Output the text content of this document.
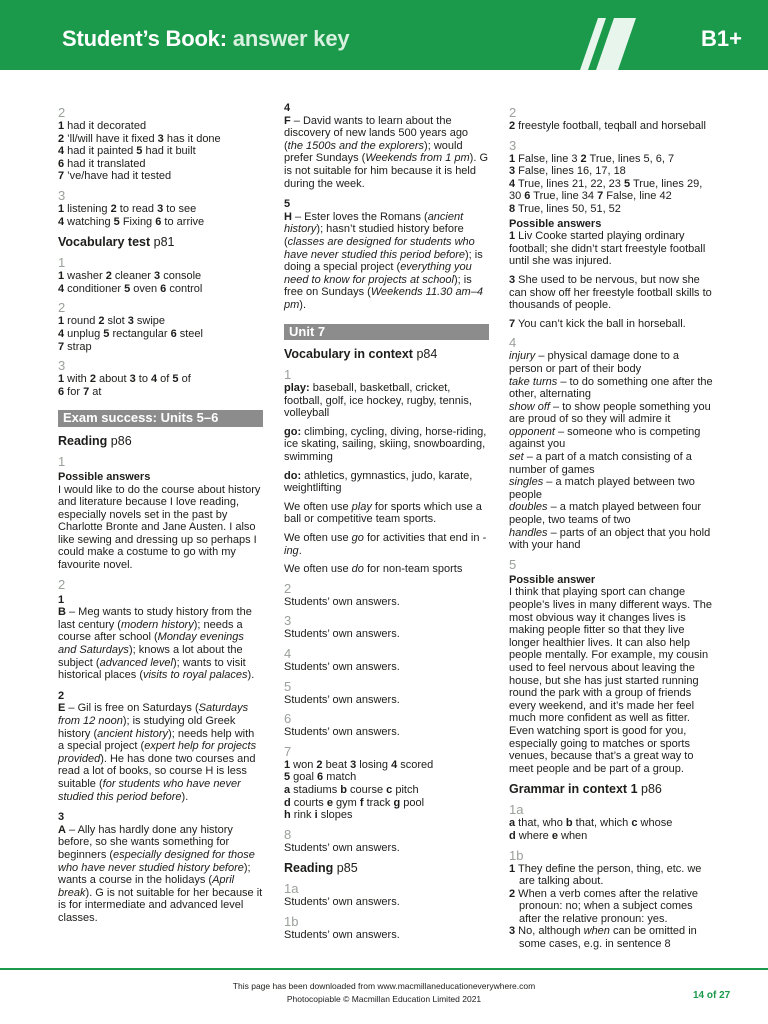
Student’s Book: answer key	B1+
2

1 had it decorated

2 ’ll/will have it fixed 3 has it done

4 had it painted 5 had it built

6 had it translated

7 ’ve/have had it tested

3

1 listening 2 to read 3 to see

4 watching 5 Fixing 6 to arrive

Vocabulary test p81
1

1 washer 2 cleaner 3 console

4 conditioner 5 oven 6 control

2

1 round 2 slot 3 swipe

4 unplug 5 rectangular 6 steel

7 strap

3

1 with 2 about 3 to 4 of 5 of

6 for 7 at

Exam success: Units 5–6
Reading p86
1
Possible answers

I would like to do the course about history and literature because I love reading, especially novels set in the past by Charlotte Bronte and Jane Austen. I also like sewing and dressing up so perhaps I could make a costume to go with my favourite novel.

2
1

B – Meg wants to study history from the last century (modern history); needs a course after school (Monday evenings and Saturdays); knows a lot about the subject (advanced level); wants to visit historical places (visits to royal palaces).

2

E – Gil is free on Saturdays (Saturdays from 12 noon); is studying old Greek history (ancient history); needs help with a special project (expert help for projects provided). He has done two courses and read a lot of books, so course H is less suitable (for students who have never studied this period before).

3

A – Ally has hardly done any history before, so she wants something for beginners (especially designed for those who have never studied history before); wants a course in the holidays (April break). G is not suitable for her because it is for intermediate and advanced level classes.

4

F – David wants to learn about the discovery of new lands 500 years ago (the 1500s and the explorers); would prefer Sundays (Weekends from 1 pm). G is not suitable for him because it is held during the week.

5

H – Ester loves the Romans (ancient history); hasn’t studied history before (classes are designed for students who have never studied this period before); is doing a special project (everything you need to know for projects at school); is free on Sundays (Weekends 11.30 am–4 pm).

Unit 7
Vocabulary in context p84
1

play: baseball, basketball, cricket, football, golf, ice hockey, rugby, tennis, volleyball

go: climbing, cycling, diving, horse-riding, ice skating, sailing, skiing, snowboarding, swimming

do: athletics, gymnastics, judo, karate, weightlifting

We often use play for sports which use a ball or competitive team sports.

We often use go for activities that end in -ing.

We often use do for non-team sports

2

Students’ own answers.

3

Students’ own answers.

4

Students’ own answers.

5

Students’ own answers.

6

Students’ own answers.

7

1 won 2 beat 3 losing 4 scored

5 goal 6 match

a stadiums b course c pitch

d courts e gym f track g pool

h rink i slopes

8

Students’ own answers.

Reading p85
1a

Students’ own answers.

1b

Students’ own answers.

2

2 freestyle football, teqball and horseball

3

1 False, line 3 2 True, lines 5, 6, 7

3 False, lines 16, 17, 18

4 True, lines 21, 22, 23 5 True, lines 29, 30 6 True, line 34 7 False, line 42

8 True, lines 50, 51, 52

Possible answers

1 Liv Cooke started playing ordinary football; she didn’t start freestyle football until she was injured.

3 She used to be nervous, but now she can show off her freestyle football skills to thousands of people.

7 You can’t kick the ball in horseball.

4

injury – physical damage done to a person or part of their body

take turns – to do something one after the other, alternating

show off – to show people something you are proud of so they will admire it

opponent – someone who is competing against you

set – a part of a match consisting of a number of games

singles – a match played between two people

doubles – a match played between four people, two teams of two

handles – parts of an object that you hold with your hand

5
Possible answer

I think that playing sport can change people’s lives in many different ways. The most obvious way it changes lives is making people fitter so that they live longer healthier lives. It can also help people mentally. For example, my cousin used to feel nervous about leaving the house, but she has just started running round the park with a group of friends every weekend, and it’s made her feel much more confident as well as fitter. Even watching sport is good for you, especially going to matches or sports venues, because that’s a great way to meet people and be part of a group.

Grammar in context 1 p86
1a

a that, who b that, which c whose

d where e when

1b

1 They define the person, thing, etc. we are talking about.

2 When a verb comes after the relative pronoun: no; when a subject comes after the relative pronoun: yes.

3 No, although when can be omitted in some cases, e.g. in sentence 8

This page has been downloaded from www.macmillaneducationeverywhere.com
Photocopiable © Macmillan Education Limited 2021	14 of 27
